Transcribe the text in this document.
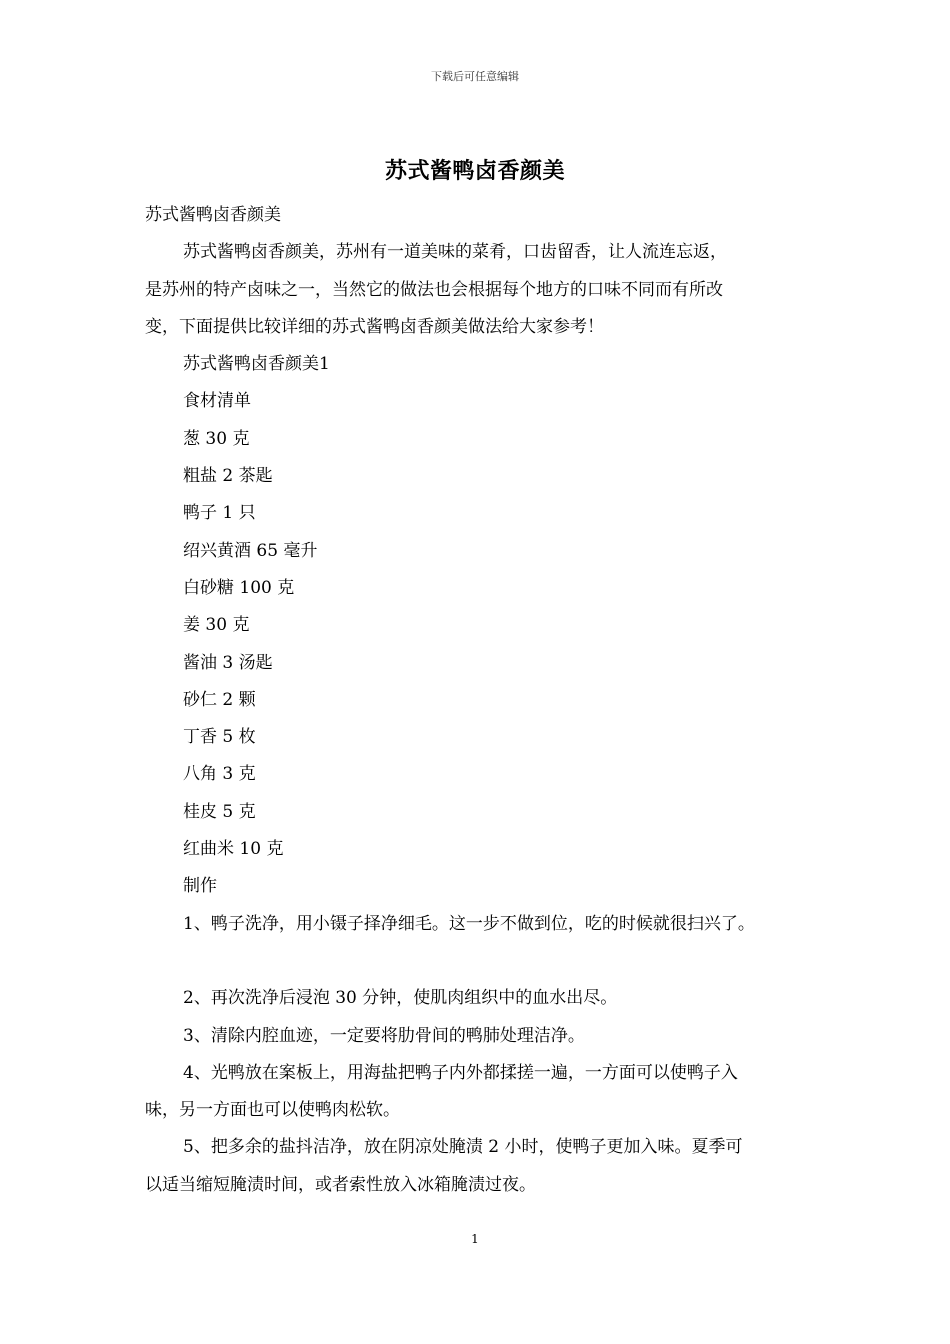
下载后可任意编辑
苏式酱鸭卤香颜美
苏式酱鸭卤香颜美
苏式酱鸭卤香颜美，苏州有一道美味的菜肴，口齿留香，让人流连忘返，
是苏州的特产卤味之一，当然它的做法也会根据每个地方的口味不同而有所改
变，下面提供比较详细的苏式酱鸭卤香颜美做法给大家参考！
苏式酱鸭卤香颜美1
食材清单
葱 30 克
粗盐 2 茶匙
鸭子 1 只
绍兴黄酒 65 毫升
白砂糖 100 克
姜 30 克
酱油 3 汤匙
砂仁 2 颗
丁香 5 枚
八角 3 克
桂皮 5 克
红曲米 10 克
制作
1、鸭子洗净，用小镊子择净细毛。这一步不做到位，吃的时候就很扫兴了。
2、再次洗净后浸泡 30 分钟，使肌肉组织中的血水出尽。
3、清除内腔血迹，一定要将肋骨间的鸭肺处理洁净。
4、光鸭放在案板上，用海盐把鸭子内外都揉搓一遍，一方面可以使鸭子入
味，另一方面也可以使鸭肉松软。
5、把多余的盐抖洁净，放在阴凉处腌渍 2 小时，使鸭子更加入味。夏季可
以适当缩短腌渍时间，或者索性放入冰箱腌渍过夜。
1
